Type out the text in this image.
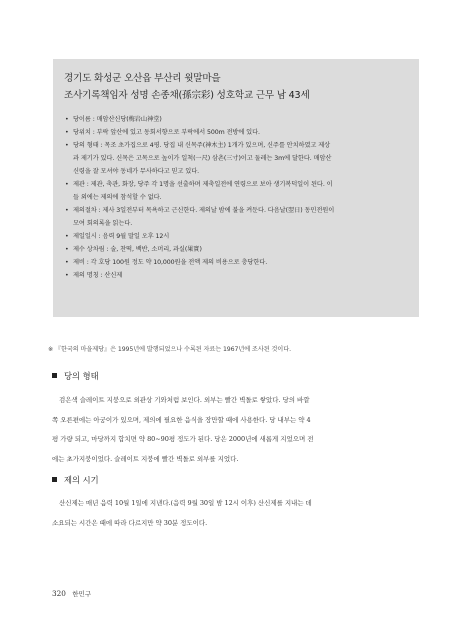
경기도 화성군 오산읍 부산리 윗말마을

조사기록책임자 성명 손종채(孫宗彩) 성호학교 근무 남 43세

• 당이름 : 매암산신당(梅岩山神堂)
• 당위치 : 부락 앞산에 있고 동회서향으로 부락에서 500m 전방에 있다.
• 당의 형태 : 목조 초가집으로 4평. 당집 내 신목주(神木主) 1개가 있으며, 신주를 안치하였고 제상
과 제기가 있다. 신목은 고목으로 높이가 일척(一尺) 삼촌(三寸)이고 둘레는 3m에 달한다. 매암산
신령을 잘 모셔야 동네가 무사하다고 믿고 있다.
• 제관 : 제관, 축관, 화장, 당주 각 1명을 선출하며 제축일전에 연령으로 보아 생기복덕일이 된다. 이
들 외에는 제의에 참석할 수 없다.
• 제의절차 : 제사 3일전부터 목욕하고 근신한다. 제의날 밤에 불을 켜둔다. 다음날(翌日) 동민전원이
모여 회의록을 읽는다.
• 제일일시 : 음력 9월 말일 오후 12시
• 제수 상차림 : 술, 찬떡, 백반, 소머리, 과실(果實)
• 제비 : 각 호당 100원 정도 약 10,000원을 전액 제의 비용으로 충당한다.
• 제의 명칭 : 산신제
※ 『한국의 마을제당』은 1995년에 발행되었으나 수록된 자료는 1967년에 조사된 것이다.
당의 형태
검은색 슬레이트 지붕으로 외관상 기와처럼 보인다. 외부는 빨간 벽돌로 쌓았다. 당의 바깥
쪽 오른편에는 아궁이가 있으며, 제의에 필요한 음식을 장만할 때에 사용한다. 당 내부는 약 4
평 가량 되고, 마당까지 합치면 약 80~90평 정도가 된다. 당은 2000년에 새롭게 지었으며 전
에는 초가지붕이었다. 슬레이트 지붕에 빨간 벽돌로 외부를 지었다.
제의 시기
산신제는 매년 음력 10월 1일에 지낸다.(음력 9월 30일 밤 12시 이후) 산신제를 지내는 데
소요되는 시간은 때에 따라 다르지만 약 30분 정도이다.
320 한민구
